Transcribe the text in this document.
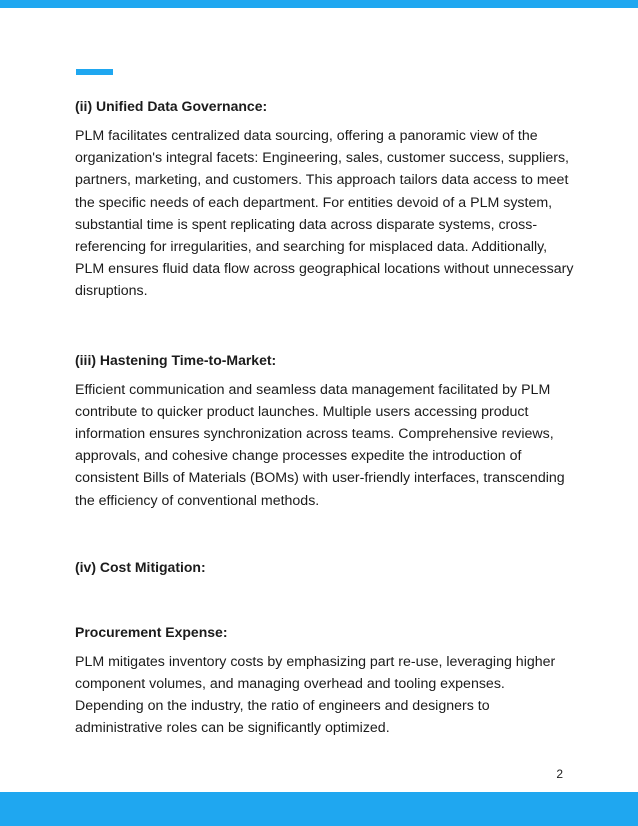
(ii) Unified Data Governance:

PLM facilitates centralized data sourcing, offering a panoramic view of the organization's integral facets: Engineering, sales, customer success, suppliers, partners, marketing, and customers. This approach tailors data access to meet the specific needs of each department. For entities devoid of a PLM system, substantial time is spent replicating data across disparate systems, cross-referencing for irregularities, and searching for misplaced data. Additionally, PLM ensures fluid data flow across geographical locations without unnecessary disruptions.

(iii) Hastening Time-to-Market:

Efficient communication and seamless data management facilitated by PLM contribute to quicker product launches. Multiple users accessing product information ensures synchronization across teams. Comprehensive reviews, approvals, and cohesive change processes expedite the introduction of consistent Bills of Materials (BOMs) with user-friendly interfaces, transcending the efficiency of conventional methods.

(iv) Cost Mitigation:

Procurement Expense:

PLM mitigates inventory costs by emphasizing part re-use, leveraging higher component volumes, and managing overhead and tooling expenses. Depending on the industry, the ratio of engineers and designers to administrative roles can be significantly optimized.

2
